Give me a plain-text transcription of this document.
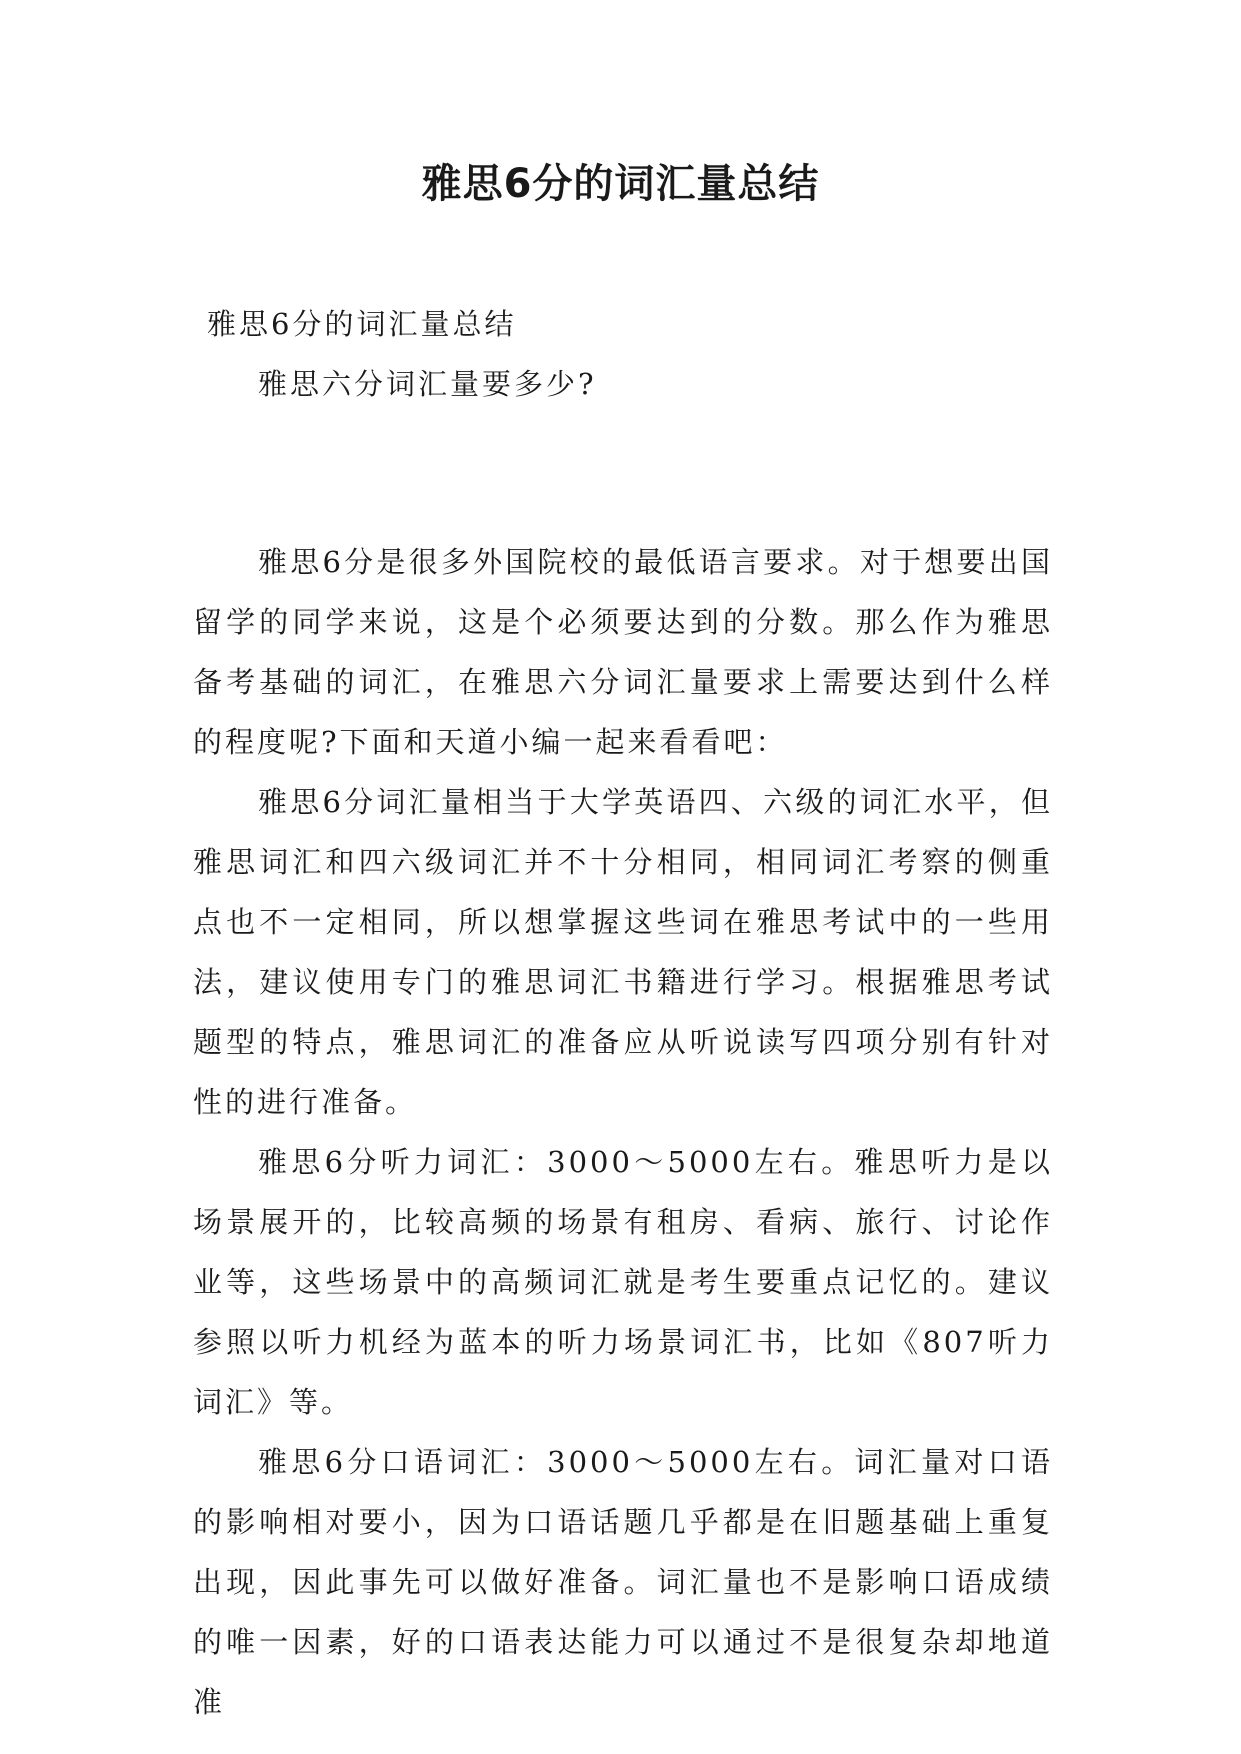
雅思6分的词汇量总结

雅思6分的词汇量总结

雅思六分词汇量要多少?

雅思6分是很多外国院校的最低语言要求。对于想要出国留学的同学来说，这是个必须要达到的分数。那么作为雅思备考基础的词汇，在雅思六分词汇量要求上需要达到什么样的程度呢?下面和天道小编一起来看看吧：

雅思6分词汇量相当于大学英语四、六级的词汇水平，但雅思词汇和四六级词汇并不十分相同，相同词汇考察的侧重点也不一定相同，所以想掌握这些词在雅思考试中的一些用法，建议使用专门的雅思词汇书籍进行学习。根据雅思考试题型的特点，雅思词汇的准备应从听说读写四项分别有针对性的进行准备。

雅思6分听力词汇：3000～5000左右。雅思听力是以场景展开的，比较高频的场景有租房、看病、旅行、讨论作业等，这些场景中的高频词汇就是考生要重点记忆的。建议参照以听力机经为蓝本的听力场景词汇书，比如《807听力词汇》等。

雅思6分口语词汇：3000～5000左右。词汇量对口语的影响相对要小，因为口语话题几乎都是在旧题基础上重复出现，因此事先可以做好准备。词汇量也不是影响口语成绩的唯一因素，好的口语表达能力可以通过不是很复杂却地道准
